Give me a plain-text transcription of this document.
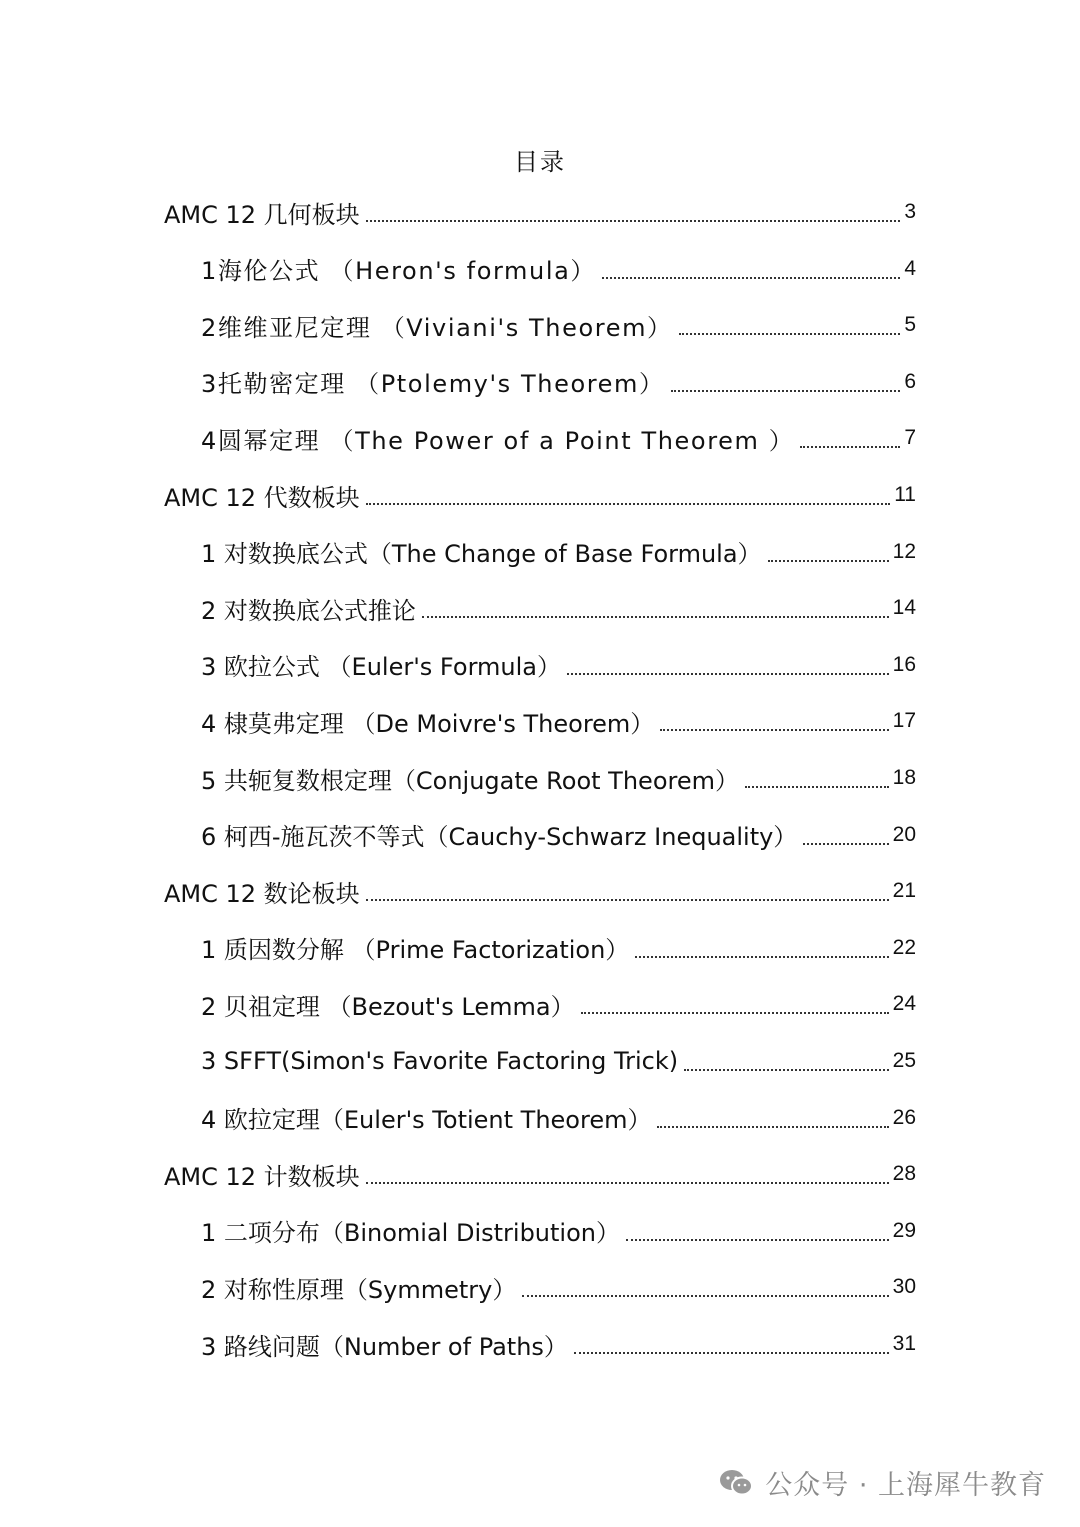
目录
AMC 12 几何板块	3
1海伦公式 （Heron's formula）	4
2维维亚尼定理 （Viviani's Theorem）	5
3托勒密定理 （Ptolemy's Theorem）	6
4圆幂定理 （The Power of a Point Theorem ）	7
AMC 12 代数板块	11
1 对数换底公式（The Change of Base Formula）	12
2 对数换底公式推论	14
3 欧拉公式 （Euler's Formula）	16
4 棣莫弗定理 （De Moivre's Theorem）	17
5 共轭复数根定理（Conjugate Root Theorem）	18
6 柯西-施瓦茨不等式（Cauchy-Schwarz Inequality）	20
AMC 12 数论板块	21
1 质因数分解 （Prime Factorization）	22
2 贝祖定理 （Bezout's Lemma）	24
3 SFFT(Simon's Favorite Factoring Trick)	25
4 欧拉定理（Euler's Totient Theorem）	26
AMC 12 计数板块	28
1 二项分布（Binomial Distribution）	29
2 对称性原理（Symmetry）	30
3 路线问题（Number of Paths）	31
公众号 · 上海犀牛教育
